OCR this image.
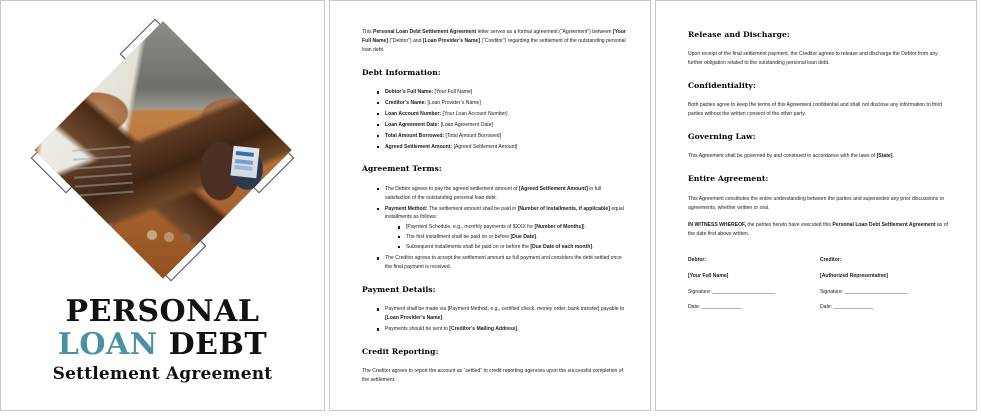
PERSONAL
LOAN DEBT
Settlement Agreement

This Personal Loan Debt Settlement Agreement letter serves as a formal agreement (“Agreement”) between [Your Full Name] (“Debtor”) and [Loan Provider’s Name] (“Creditor”) regarding the settlement of the outstanding personal loan debt.

Debt Information:
Debtor’s Full Name: [Your Full Name]
Creditor’s Name: [Loan Provider’s Name]
Loan Account Number: [Your Loan Account Number]
Loan Agreement Date: [Loan Agreement Date]
Total Amount Borrowed: [Total Amount Borrowed]
Agreed Settlement Amount: [Agreed Settlement Amount]
Agreement Terms:
The Debtor agrees to pay the agreed settlement amount of [Agreed Settlement Amount] in full satisfaction of the outstanding personal loan debt.
Payment Method: The settlement amount shall be paid in [Number of Installments, if applicable] equal installments as follows:
[Payment Schedule, e.g., monthly payments of $XXX for [Number of Months]].
The first installment shall be paid on or before [Due Date].
Subsequent installments shall be paid on or before the [Due Date of each month].
The Creditor agrees to accept the settlement amount as full payment and considers the debt settled once the final payment is received.
Payment Details:
Payment shall be made via [Payment Method, e.g., certified check, money order, bank transfer] payable to [Loan Provider’s Name].
Payments should be sent to [Creditor’s Mailing Address].
Credit Reporting:

The Creditor agrees to report the account as “settled” to credit reporting agencies upon the successful completion of the settlement.

Release and Discharge:

Upon receipt of the final settlement payment, the Creditor agrees to release and discharge the Debtor from any further obligation related to the outstanding personal loan debt.

Confidentiality:

Both parties agree to keep the terms of this Agreement confidential and shall not disclose any information to third parties without the written consent of the other party.

Governing Law:

This Agreement shall be governed by and construed in accordance with the laws of [State].

Entire Agreement:

This Agreement constitutes the entire understanding between the parties and supersedes any prior discussions or agreements, whether written or oral.

IN WITNESS WHEREOF, the parties hereto have executed this Personal Loan Debt Settlement Agreement as of the date first above written.

Debtor:
[Your Full Name]
Signature: ______________________
Date: ______________
Creditor:
[Authorized Representative]
Signature: ______________________
Date: ______________
